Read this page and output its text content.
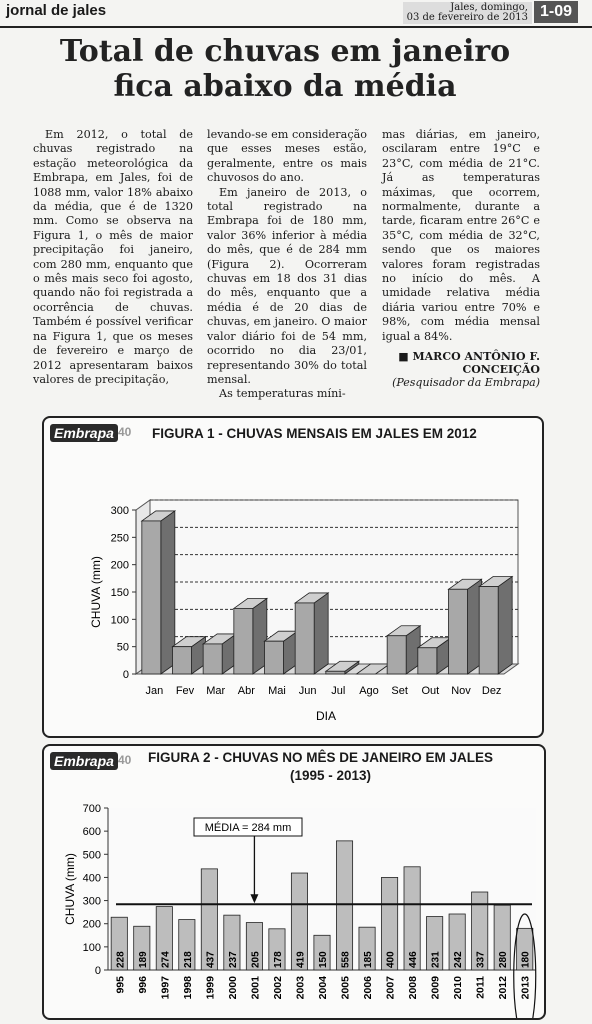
jornal de jales	Jales, domingo,
03 de fevereiro de 2013 1-09
Total de chuvas em janeiro fica abaixo da média

Em 2012, o total de chuvas registrado na estação meteorológica da Embrapa, em Jales, foi de 1088 mm, valor 18% abaixo da média, que é de 1320 mm. Como se observa na Figura 1, o mês de maior precipitação foi janeiro, com 280 mm, enquanto que o mês mais seco foi agosto, quando não foi registrada a ocorrência de chuvas. Também é possível verificar na Figura 1, que os meses de fevereiro e março de 2012 apresentaram baixos valores de precipitação,

levando-se em consideração que esses meses estão, geralmente, entre os mais chuvosos do ano.

Em janeiro de 2013, o total registrado na Embrapa foi de 180 mm, valor 36% inferior à média do mês, que é de 284 mm (Figura 2). Ocorreram chuvas em 18 dos 31 dias do mês, enquanto que a média é de 20 dias de chuvas, em janeiro. O maior valor diário foi de 54 mm, ocorrido no dia 23/01, representando 30% do total mensal.

As temperaturas míni-

mas diárias, em janeiro, oscilaram entre 19°C e 23°C, com média de 21°C. Já as temperaturas máximas, que ocorrem, normalmente, durante a tarde, ficaram entre 26°C e 35°C, com média de 32°C, sendo que os maiores valores foram registradas no início do mês. A umidade relativa média diária variou entre 70% e 98%, com média mensal igual a 84%.

■ MARCO ANTÔNIO F. CONCEIÇÃO
(Pesquisador da Embrapa)
Embrapa 40 FIGURA 1 - CHUVAS MENSAIS EM JALES EM 2012
0
50
100
150
200
250
300
Jan Fev Mar Abr Mai Jun Jul Ago Set Out Nov Dez
DIA
CHUVA (mm)
Embrapa 40 FIGURA 2 - CHUVAS NO MÊS DE JANEIRO EM JALES
(1995 - 2013)
0
100
200
300
400
500
600
700
228
995
189
996
274
1997
218
1998
437
1999
237
2000
205
2001
178
2002
419
2003
150
2004
558
2005
185
2006
400
2007
446
2008
231
2009
242
2010
337
2011
280
2012
180
2013
MÉDIA = 284 mm
CHUVA (mm)
